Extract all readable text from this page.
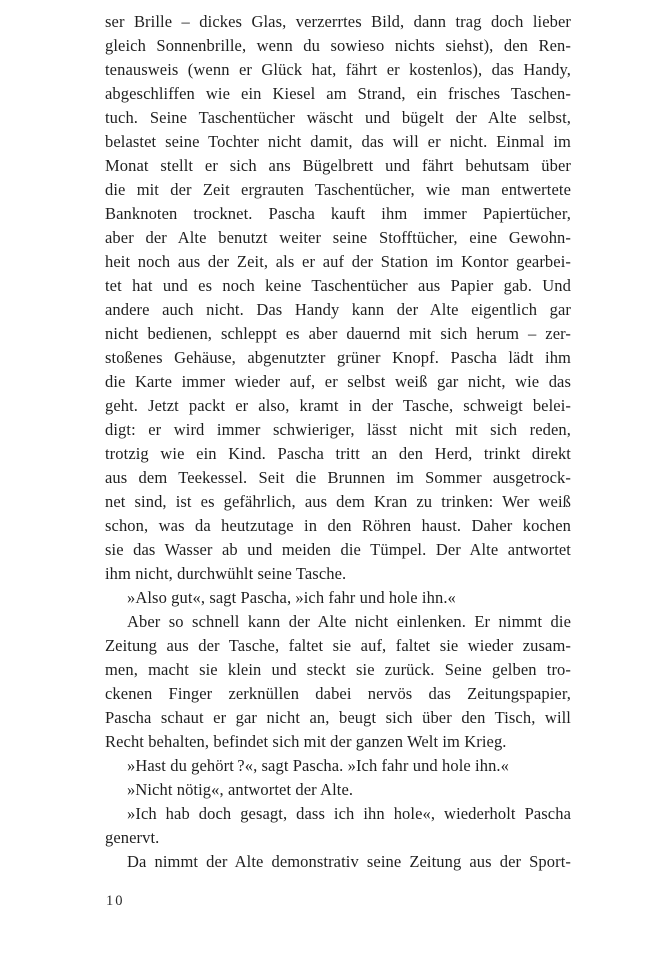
ser Brille – dickes Glas, verzerrtes Bild, dann trag doch lieber
gleich Sonnenbrille, wenn du sowieso nichts siehst), den Ren-
tenausweis (wenn er Glück hat, fährt er kostenlos), das Handy,
abgeschliffen wie ein Kiesel am Strand, ein frisches Taschen-
tuch. Seine Taschentücher wäscht und bügelt der Alte selbst,
belastet seine Tochter nicht damit, das will er nicht. Einmal im
Monat stellt er sich ans Bügelbrett und fährt behutsam über
die mit der Zeit ergrauten Taschentücher, wie man entwertete
Banknoten trocknet. Pascha kauft ihm immer Papiertücher,
aber der Alte benutzt weiter seine Stofftücher, eine Gewohn-
heit noch aus der Zeit, als er auf der Station im Kontor gearbei-
tet hat und es noch keine Taschentücher aus Papier gab. Und
andere auch nicht. Das Handy kann der Alte eigentlich gar
nicht bedienen, schleppt es aber dauernd mit sich herum – zer-
stoßenes Gehäuse, abgenutzter grüner Knopf. Pascha lädt ihm
die Karte immer wieder auf, er selbst weiß gar nicht, wie das
geht. Jetzt packt er also, kramt in der Tasche, schweigt belei-
digt: er wird immer schwieriger, lässt nicht mit sich reden,
trotzig wie ein Kind. Pascha tritt an den Herd, trinkt direkt
aus dem Teekessel. Seit die Brunnen im Sommer ausgetrock-
net sind, ist es gefährlich, aus dem Kran zu trinken: Wer weiß
schon, was da heutzutage in den Röhren haust. Daher kochen
sie das Wasser ab und meiden die Tümpel. Der Alte antwortet
ihm nicht, durchwühlt seine Tasche.
»Also gut«, sagt Pascha, »ich fahr und hole ihn.«
Aber so schnell kann der Alte nicht einlenken. Er nimmt die
Zeitung aus der Tasche, faltet sie auf, faltet sie wieder zusam-
men, macht sie klein und steckt sie zurück. Seine gelben tro-
ckenen Finger zerknüllen dabei nervös das Zeitungspapier,
Pascha schaut er gar nicht an, beugt sich über den Tisch, will
Recht behalten, befindet sich mit der ganzen Welt im Krieg.
»Hast du gehört ?«, sagt Pascha. »Ich fahr und hole ihn.«
»Nicht nötig«, antwortet der Alte.
»Ich hab doch gesagt, dass ich ihn hole«, wiederholt Pascha
genervt.
Da nimmt der Alte demonstrativ seine Zeitung aus der Sport-
10
